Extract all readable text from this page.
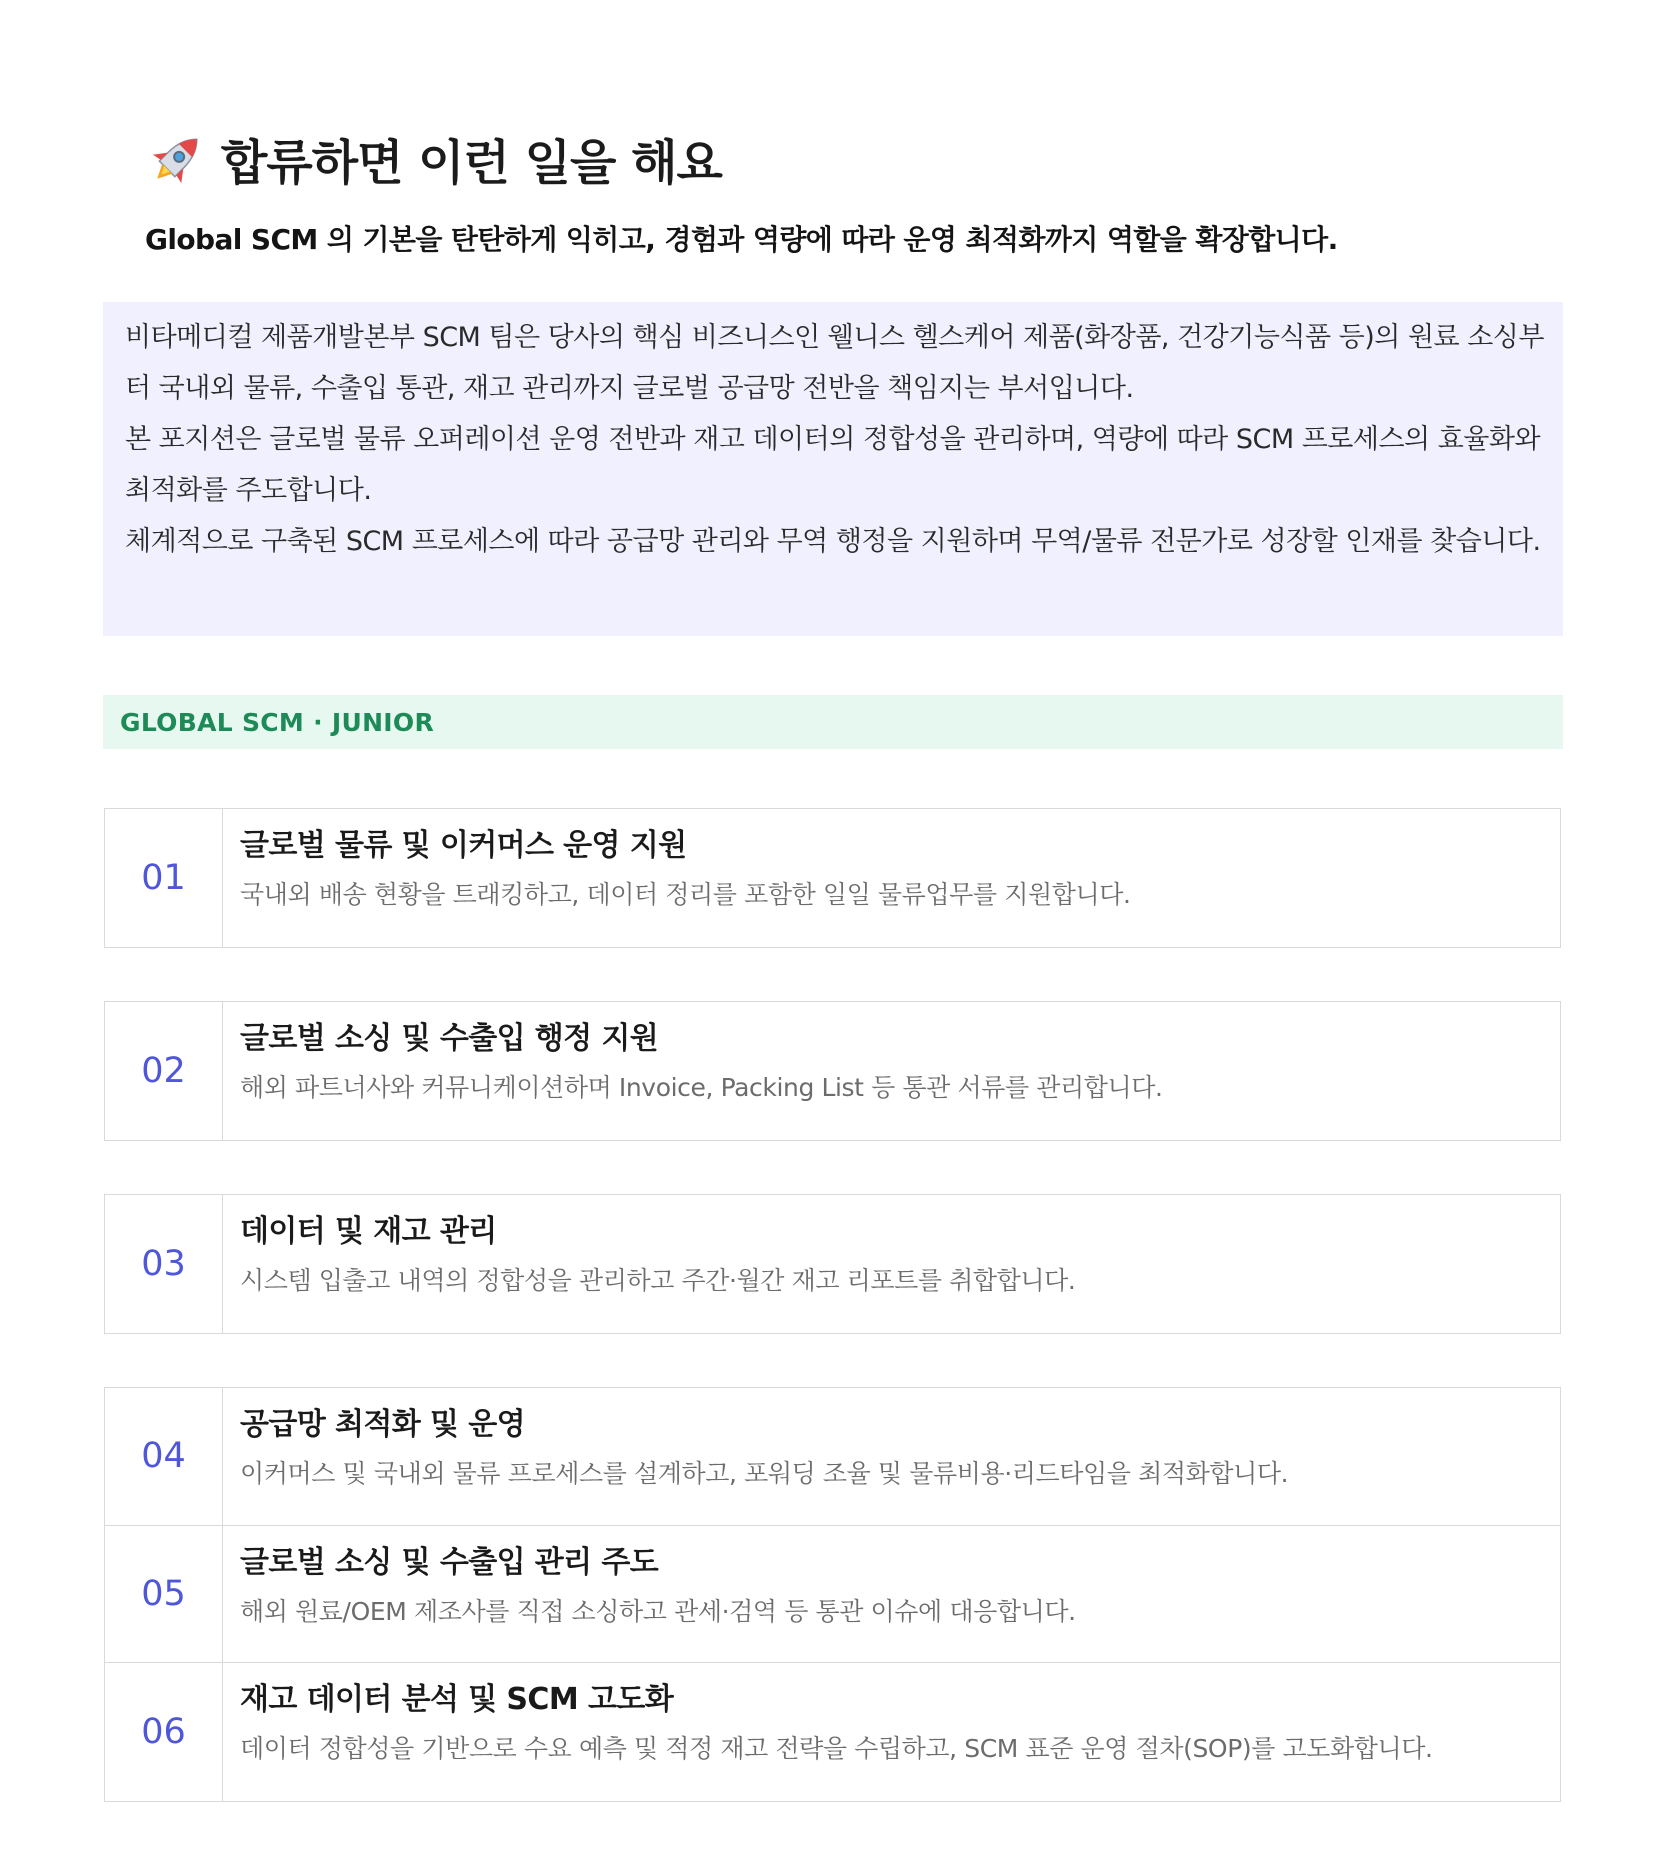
합류하면 이런 일을 해요
Global SCM 의 기본을 탄탄하게 익히고, 경험과 역량에 따라 운영 최적화까지 역할을 확장합니다.

비타메디컬 제품개발본부 SCM 팀은 당사의 핵심 비즈니스인 웰니스 헬스케어 제품(화장품, 건강기능식품 등)의 원료 소싱부터 국내외 물류, 수출입 통관, 재고 관리까지 글로벌 공급망 전반을 책임지는 부서입니다.

본 포지션은 글로벌 물류 오퍼레이션 운영 전반과 재고 데이터의 정합성을 관리하며, 역량에 따라 SCM 프로세스의 효율화와 최적화를 주도합니다.

체계적으로 구축된 SCM 프로세스에 따라 공급망 관리와 무역 행정을 지원하며 무역/물류 전문가로 성장할 인재를 찾습니다.

GLOBAL SCM · JUNIOR
01
글로벌 물류 및 이커머스 운영 지원
국내외 배송 현황을 트래킹하고, 데이터 정리를 포함한 일일 물류업무를 지원합니다.
02
글로벌 소싱 및 수출입 행정 지원
해외 파트너사와 커뮤니케이션하며 Invoice, Packing List 등 통관 서류를 관리합니다.
03
데이터 및 재고 관리
시스템 입출고 내역의 정합성을 관리하고 주간·월간 재고 리포트를 취합합니다.
04
공급망 최적화 및 운영
이커머스 및 국내외 물류 프로세스를 설계하고, 포워딩 조율 및 물류비용·리드타임을 최적화합니다.
05
글로벌 소싱 및 수출입 관리 주도
해외 원료/OEM 제조사를 직접 소싱하고 관세·검역 등 통관 이슈에 대응합니다.
06
재고 데이터 분석 및 SCM 고도화
데이터 정합성을 기반으로 수요 예측 및 적정 재고 전략을 수립하고, SCM 표준 운영 절차(SOP)를 고도화합니다.
